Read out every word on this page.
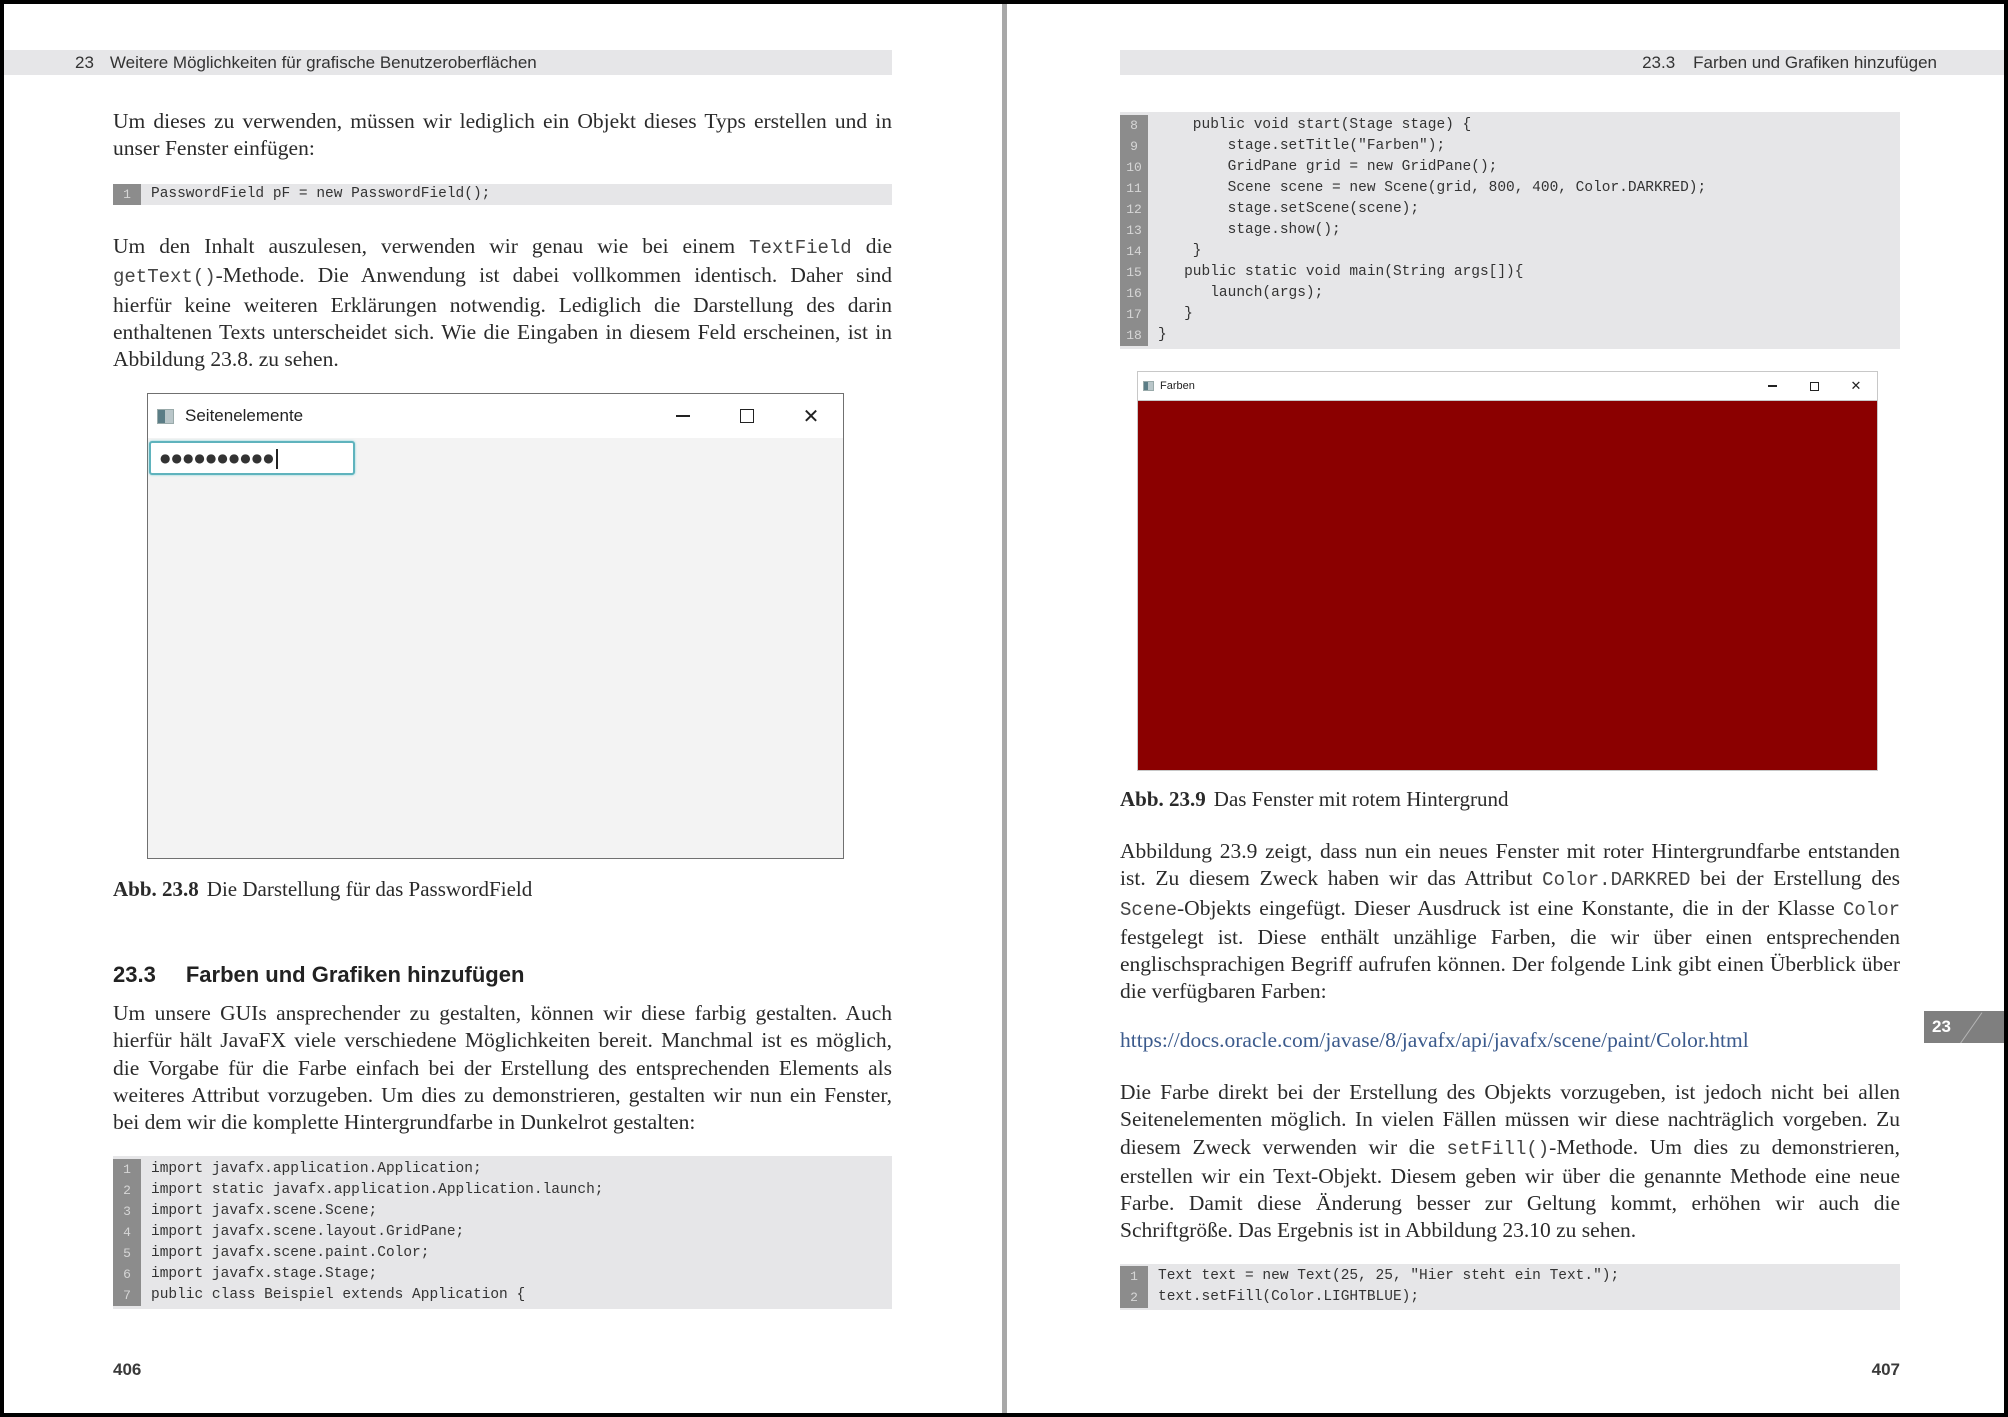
23 Weitere Möglichkeiten für grafische Benutzeroberflächen

Um dieses zu verwenden, müssen wir lediglich ein Objekt dieses Typs erstellen und in unser Fenster einfügen:

1	PasswordField pF = new PasswordField();

Um den Inhalt auszulesen, verwenden wir genau wie bei einem TextField die getText()-Methode. Die Anwendung ist dabei vollkommen identisch. Daher sind hierfür keine weiteren Erklärungen notwendig. Lediglich die Darstellung des darin enthaltenen Texts unterscheidet sich. Wie die Eingaben in diesem Feld erscheinen, ist in Abbildung 23.8. zu sehen.

Seitenelemente	✕
●●●●●●●●●●
Abb. 23.8 Die Darstellung für das PasswordField
23.3 Farben und Grafiken hinzufügen

Um unsere GUIs ansprechender zu gestalten, können wir diese farbig gestalten. Auch hierfür hält JavaFX viele verschiedene Möglichkeiten bereit. Manchmal ist es möglich, die Vorgabe für die Farbe einfach bei der Erstellung des entsprechenden Elements als weiteres Attribut vorzugeben. Um dies zu demonstrieren, gestalten wir nun ein Fenster, bei dem wir die komplette Hintergrundfarbe in Dunkelrot gestalten:

1	import javafx.application.Application;
2	import static javafx.application.Application.launch;
3	import javafx.scene.Scene;
4	import javafx.scene.layout.GridPane;
5	import javafx.scene.paint.Color;
6	import javafx.stage.Stage;
7	public class Beispiel extends Application {
406
23.3 Farben und Grafiken hinzufügen
8	public void start(Stage stage) {
9	stage.setTitle("Farben");
10	GridPane grid = new GridPane();
11	Scene scene = new Scene(grid, 800, 400, Color.DARKRED);
12	stage.setScene(scene);
13	stage.show();
14	}
15	public static void main(String args[]){
16	launch(args);
17	}
18	}
Abb. 23.9 Das Fenster mit rotem Hintergrund

Abbildung 23.9 zeigt, dass nun ein neues Fenster mit roter Hintergrundfarbe entstanden ist. Zu diesem Zweck haben wir das Attribut Color.DARKRED bei der Erstellung des Scene-Objekts eingefügt. Dieser Ausdruck ist eine Konstante, die in der Klasse Color festgelegt ist. Diese enthält unzählige Farben, die wir über einen entsprechenden englischsprachigen Begriff aufrufen können. Der folgende Link gibt einen Überblick über die verfügbaren Farben:

https://docs.oracle.com/javase/8/javafx/api/javafx/scene/paint/Color.html

Die Farbe direkt bei der Erstellung des Objekts vorzugeben, ist jedoch nicht bei allen Seitenelementen möglich. In vielen Fällen müssen wir diese nachträglich vorgeben. Zu diesem Zweck verwenden wir die setFill()-Methode. Um dies zu demonstrieren, erstellen wir ein Text-Objekt. Diesem geben wir über die genannte Methode eine neue Farbe. Damit diese Änderung besser zur Geltung kommt, erhöhen wir auch die Schriftgröße. Das Ergebnis ist in Abbildung 23.10 zu sehen.

1	Text text = new Text(25, 25, "Hier steht ein Text.");
2	text.setFill(Color.LIGHTBLUE);
407
Farben	✕
23
